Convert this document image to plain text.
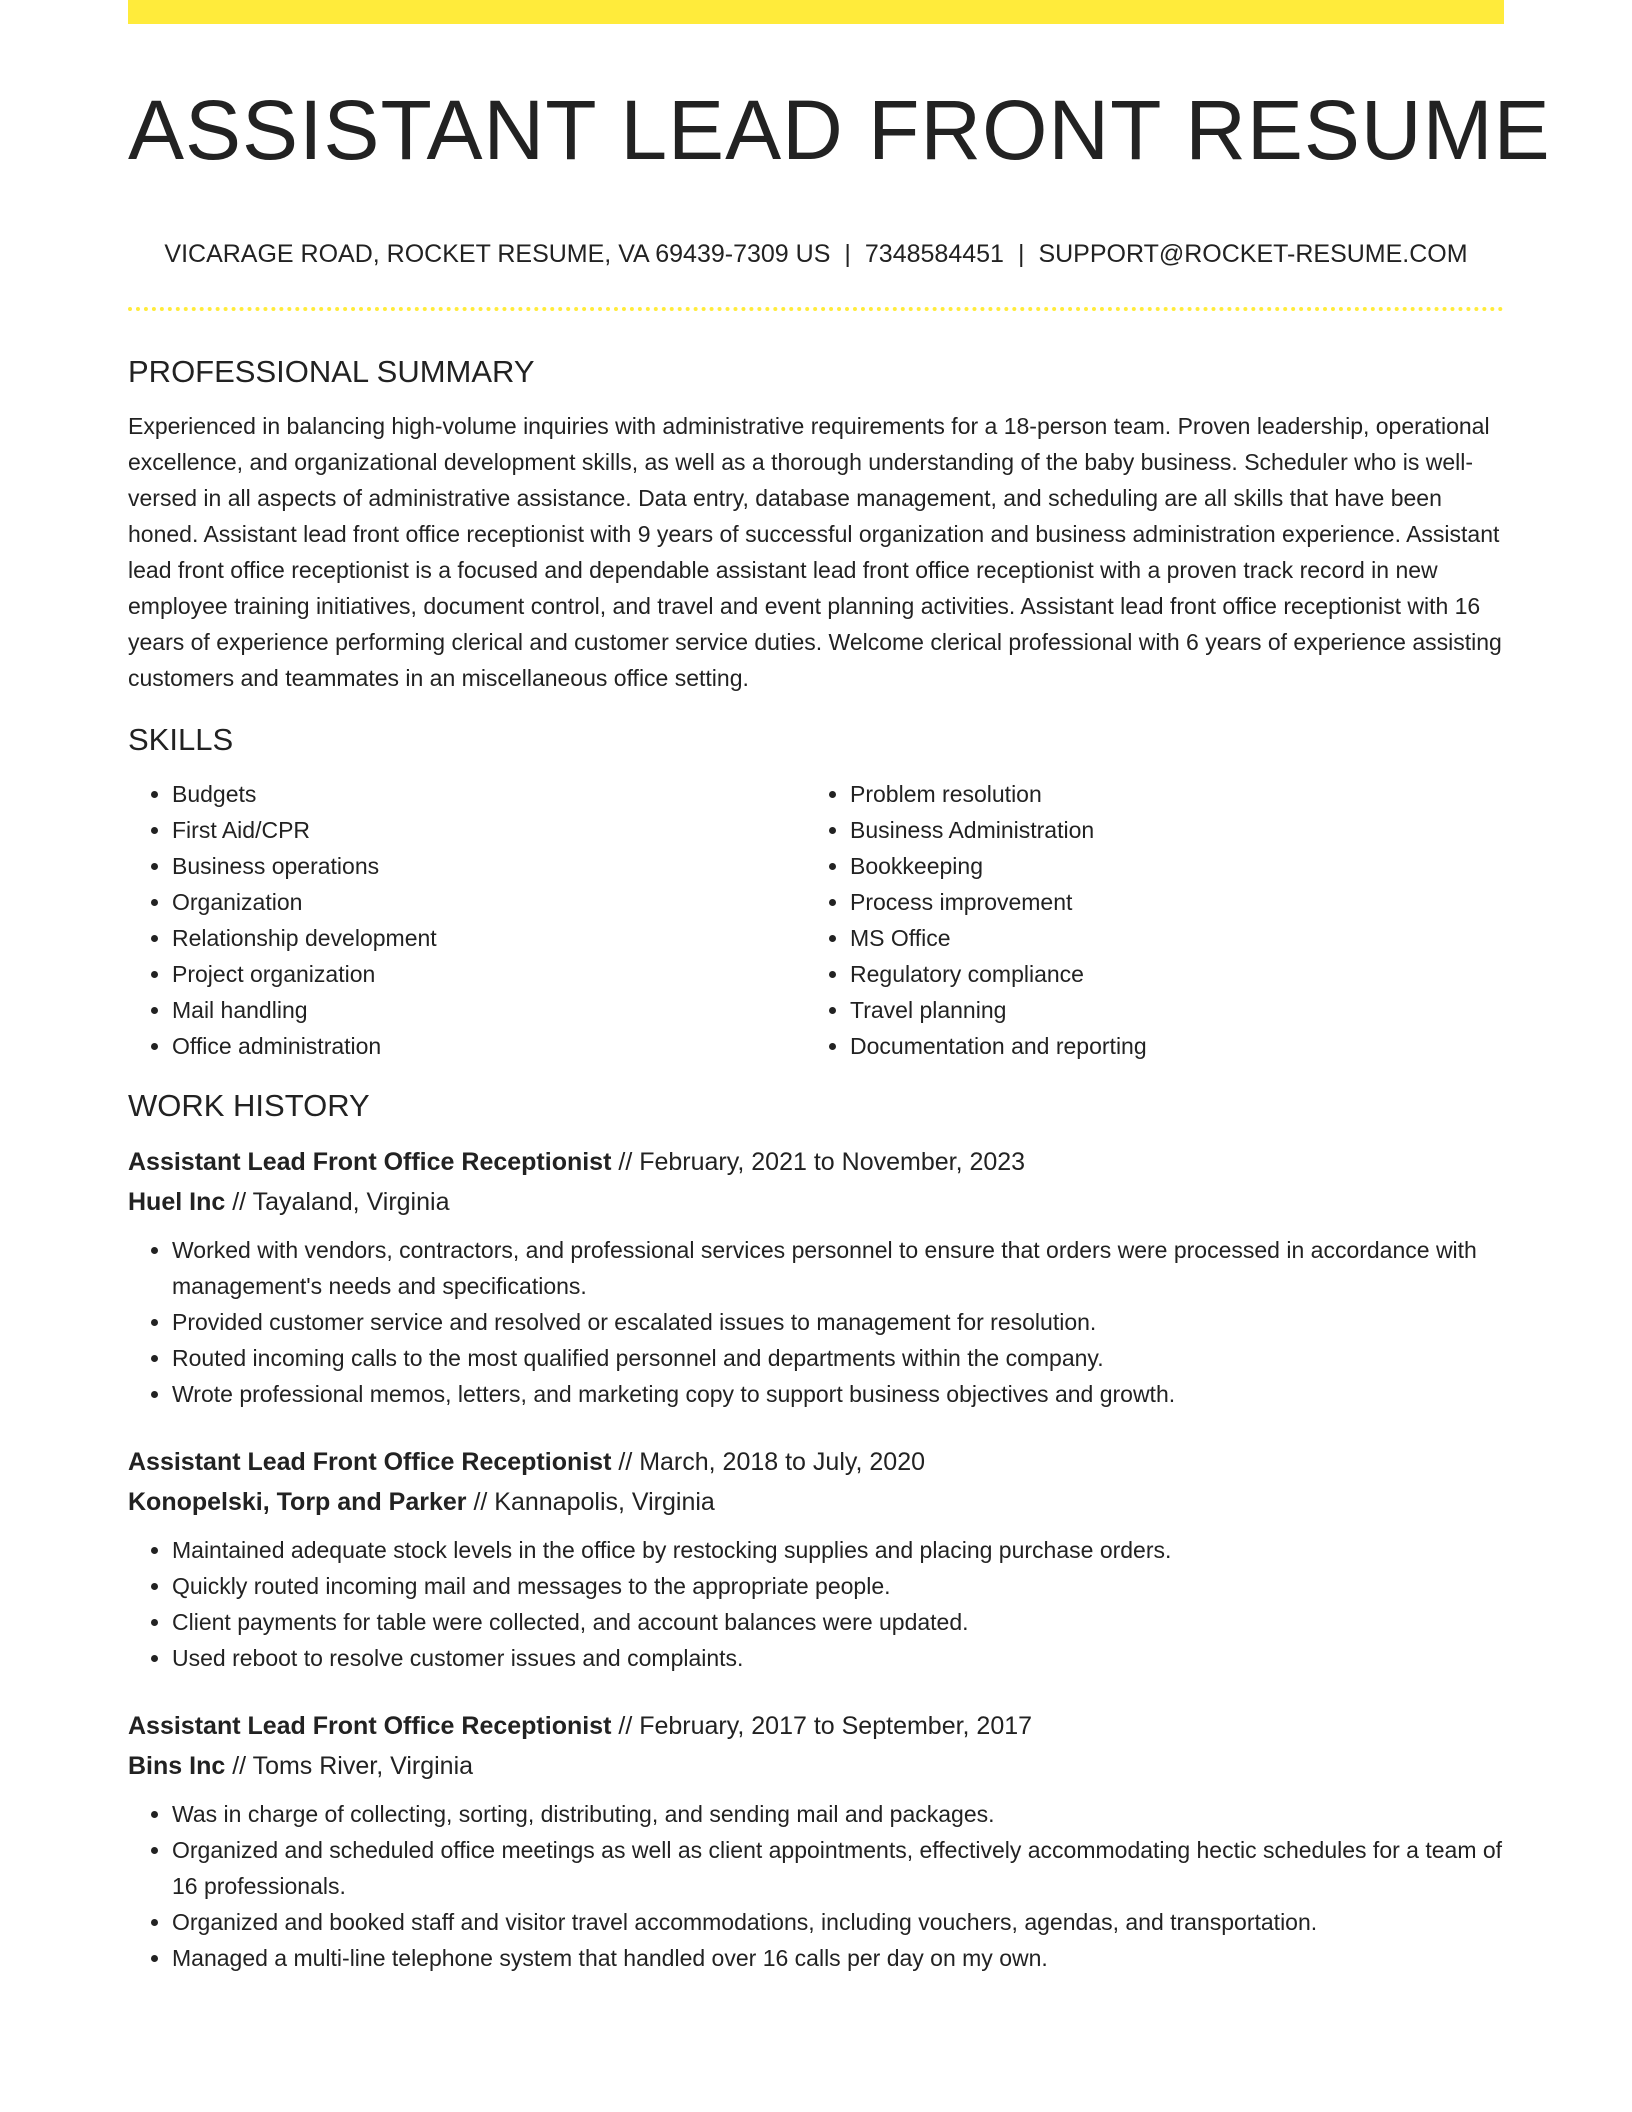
ASSISTANT LEAD FRONT RESUME
VICARAGE ROAD, ROCKET RESUME, VA 69439-7309 US | 7348584451 | SUPPORT@ROCKET-RESUME.COM
PROFESSIONAL SUMMARY

Experienced in balancing high-volume inquiries with administrative requirements for a 18-person team. Proven leadership, operational excellence, and organizational development skills, as well as a thorough understanding of the baby business. Scheduler who is well-versed in all aspects of administrative assistance. Data entry, database management, and scheduling are all skills that have been honed. Assistant lead front office receptionist with 9 years of successful organization and business administration experience. Assistant lead front office receptionist is a focused and dependable assistant lead front office receptionist with a proven track record in new employee training initiatives, document control, and travel and event planning activities. Assistant lead front office receptionist with 16 years of experience performing clerical and customer service duties. Welcome clerical professional with 6 years of experience assisting customers and teammates in an miscellaneous office setting.

SKILLS
• Budgets
• First Aid/CPR
• Business operations
• Organization
• Relationship development
• Project organization
• Mail handling
• Office administration
• Problem resolution
• Business Administration
• Bookkeeping
• Process improvement
• MS Office
• Regulatory compliance
• Travel planning
• Documentation and reporting
WORK HISTORY
Assistant Lead Front Office Receptionist // February, 2021 to November, 2023
Huel Inc // Tayaland, Virginia
• Worked with vendors, contractors, and professional services personnel to ensure that orders were processed in accordance with management's needs and specifications.
• Provided customer service and resolved or escalated issues to management for resolution.
• Routed incoming calls to the most qualified personnel and departments within the company.
• Wrote professional memos, letters, and marketing copy to support business objectives and growth.
Assistant Lead Front Office Receptionist // March, 2018 to July, 2020
Konopelski, Torp and Parker // Kannapolis, Virginia
• Maintained adequate stock levels in the office by restocking supplies and placing purchase orders.
• Quickly routed incoming mail and messages to the appropriate people.
• Client payments for table were collected, and account balances were updated.
• Used reboot to resolve customer issues and complaints.
Assistant Lead Front Office Receptionist // February, 2017 to September, 2017
Bins Inc // Toms River, Virginia
• Was in charge of collecting, sorting, distributing, and sending mail and packages.
• Organized and scheduled office meetings as well as client appointments, effectively accommodating hectic schedules for a team of 16 professionals.
• Organized and booked staff and visitor travel accommodations, including vouchers, agendas, and transportation.
• Managed a multi-line telephone system that handled over 16 calls per day on my own.
